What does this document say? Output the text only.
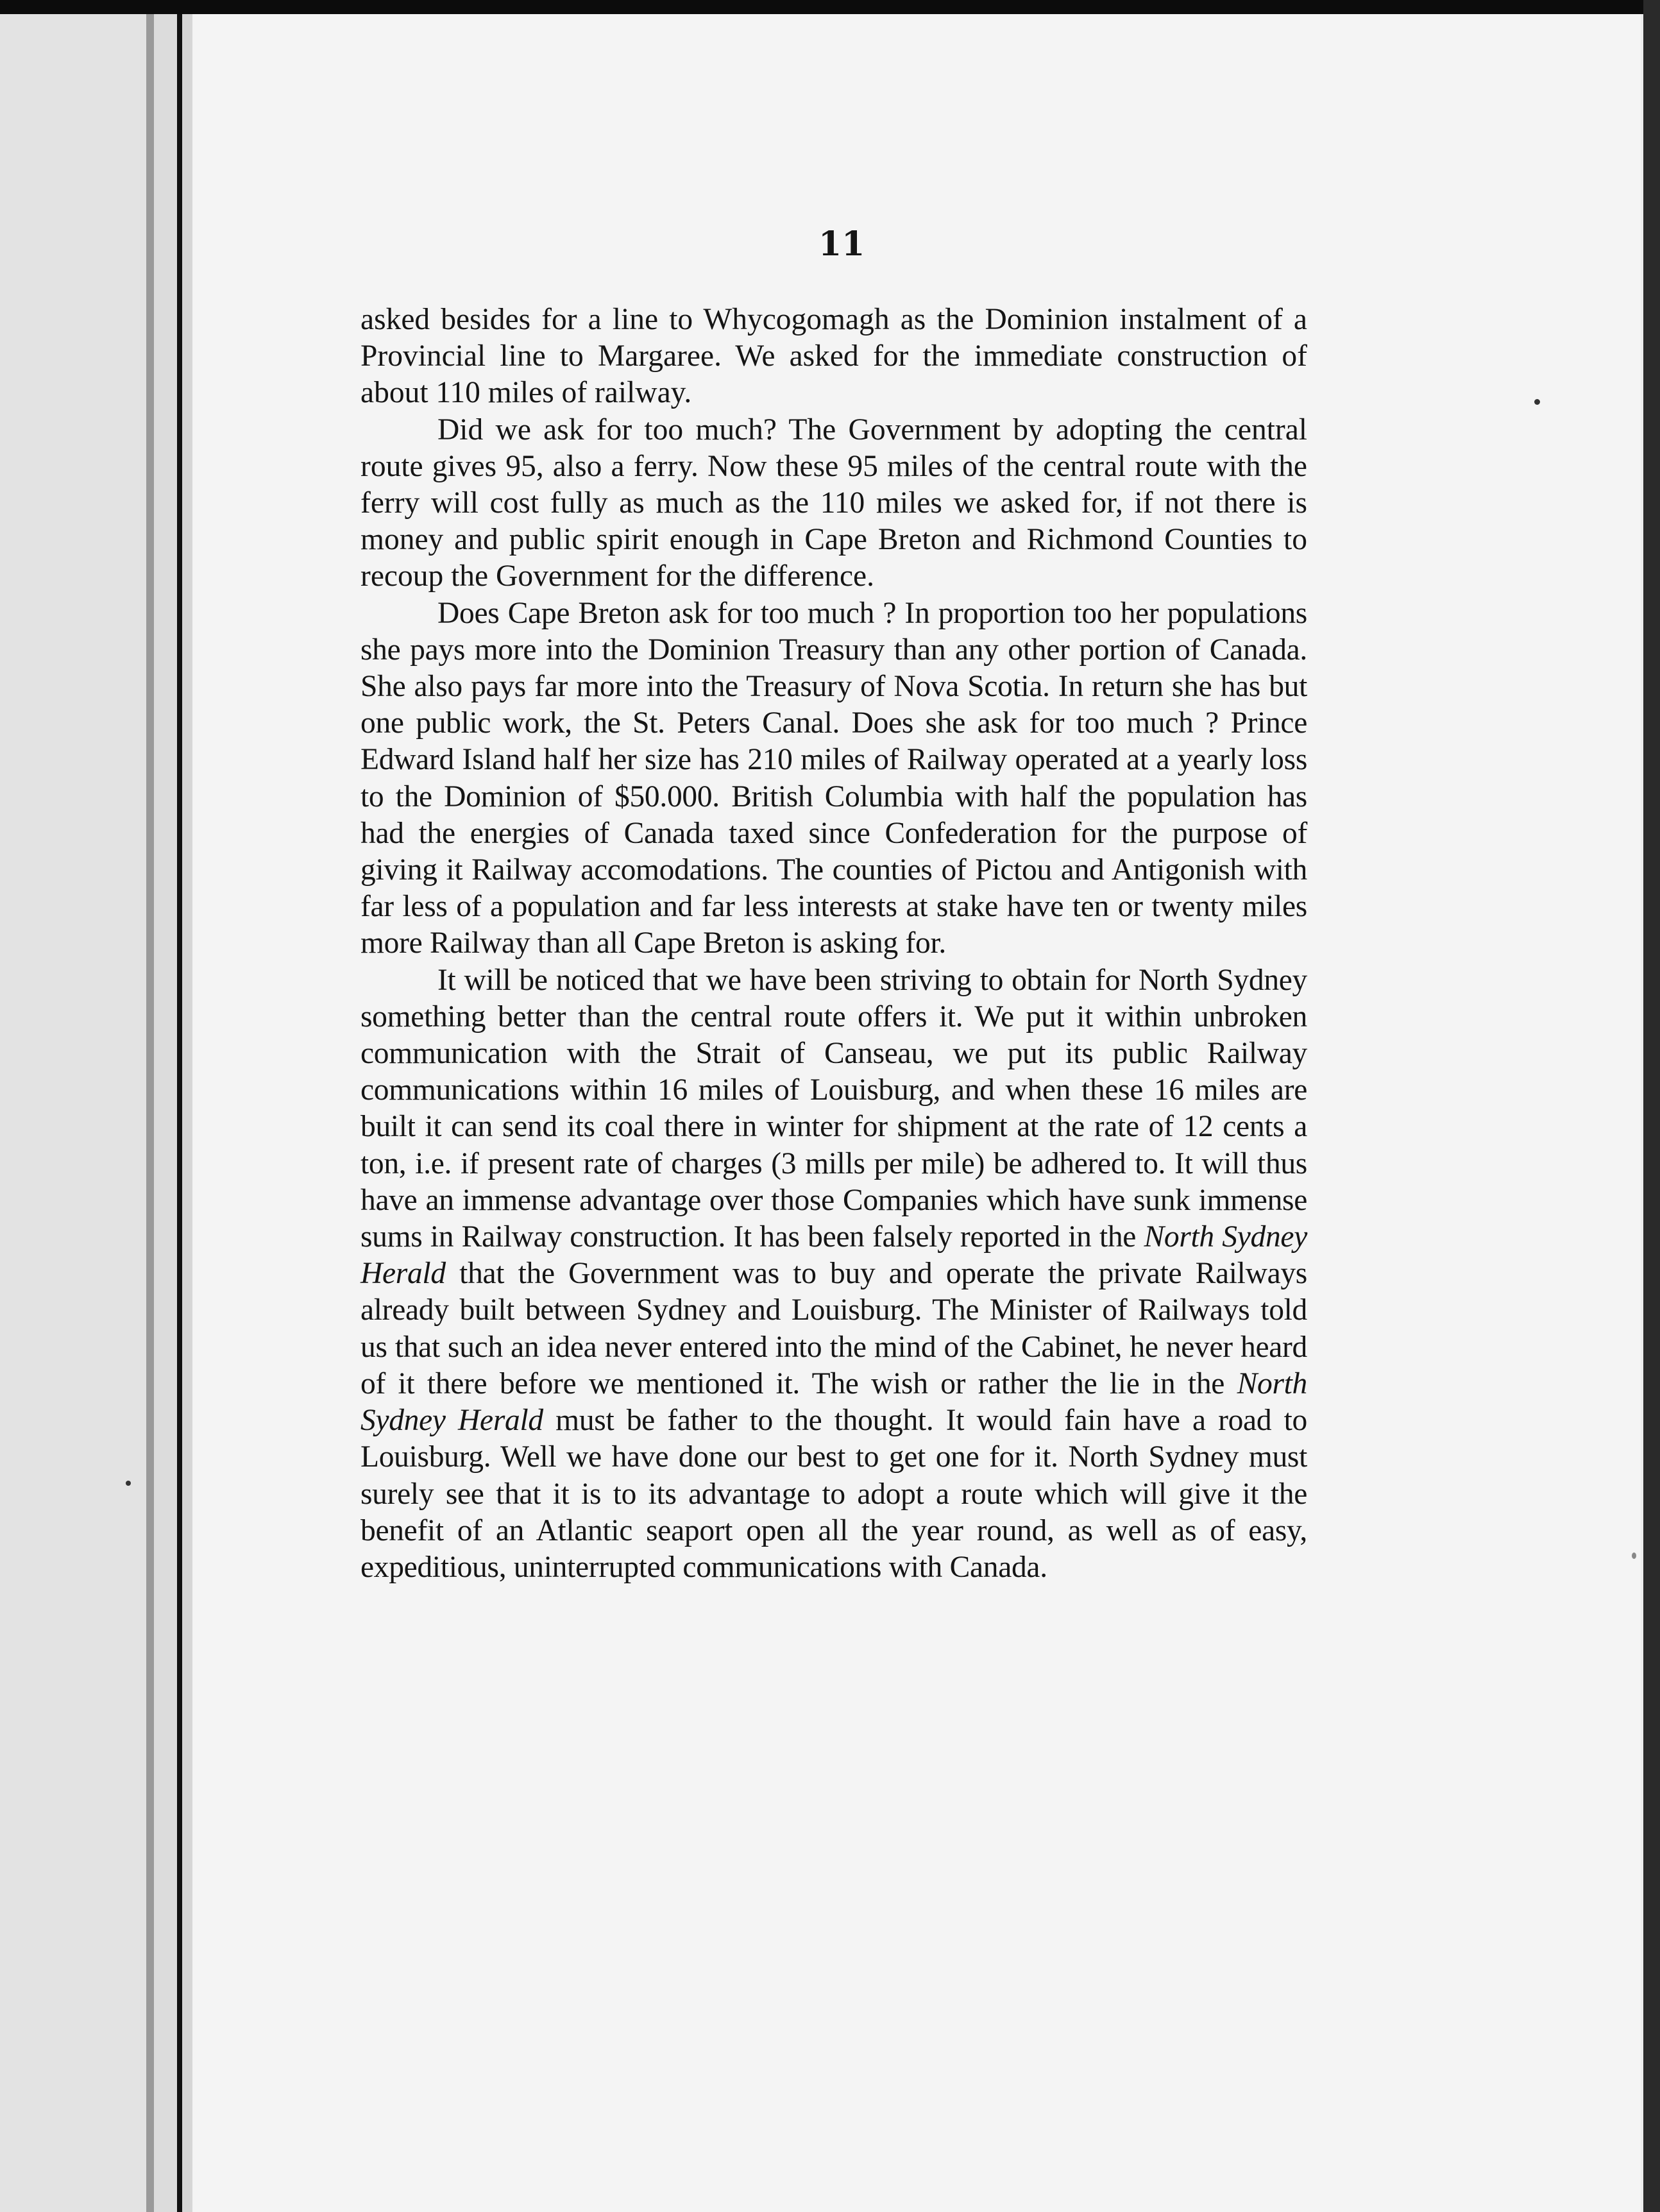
11

asked besides for a line to Whycogomagh as the Dominion instalment of a Provincial line to Margaree. We asked for the immediate construction of about 110 miles of railway.

Did we ask for too much? The Government by adopting the central route gives 95, also a ferry. Now these 95 miles of the central route with the ferry will cost fully as much as the 110 miles we asked for, if not there is money and public spirit enough in Cape Breton and Richmond Counties to recoup the Government for the difference.

Does Cape Breton ask for too much ? In proportion too her populations she pays more into the Dominion Treasury than any other portion of Canada. She also pays far more into the Treasury of Nova Scotia. In return she has but one public work, the St. Peters Canal. Does she ask for too much ? Prince Edward Island half her size has 210 miles of Railway operated at a yearly loss to the Dominion of $50.000. British Columbia with half the population has had the energies of Canada taxed since Confederation for the purpose of giving it Railway accomodations. The counties of Pictou and Antigonish with far less of a population and far less interests at stake have ten or twenty miles more Railway than all Cape Breton is asking for.

It will be noticed that we have been striving to obtain for North Sydney something better than the central route offers it. We put it within unbroken communication with the Strait of Canseau, we put its public Railway communications within 16 miles of Louisburg, and when these 16 miles are built it can send its coal there in winter for shipment at the rate of 12 cents a ton, i.e. if present rate of charges (3 mills per mile) be adhered to. It will thus have an immense advantage over those Companies which have sunk immense sums in Railway construction. It has been falsely reported in the North Sydney Herald that the Government was to buy and operate the private Railways already built between Sydney and Louisburg. The Minister of Railways told us that such an idea never entered into the mind of the Cabinet, he never heard of it there before we mentioned it. The wish or rather the lie in the North Sydney Herald must be father to the thought. It would fain have a road to Louisburg. Well we have done our best to get one for it. North Sydney must surely see that it is to its advantage to adopt a route which will give it the benefit of an Atlantic seaport open all the year round, as well as of easy, expeditious, uninterrupted communications with Canada.
